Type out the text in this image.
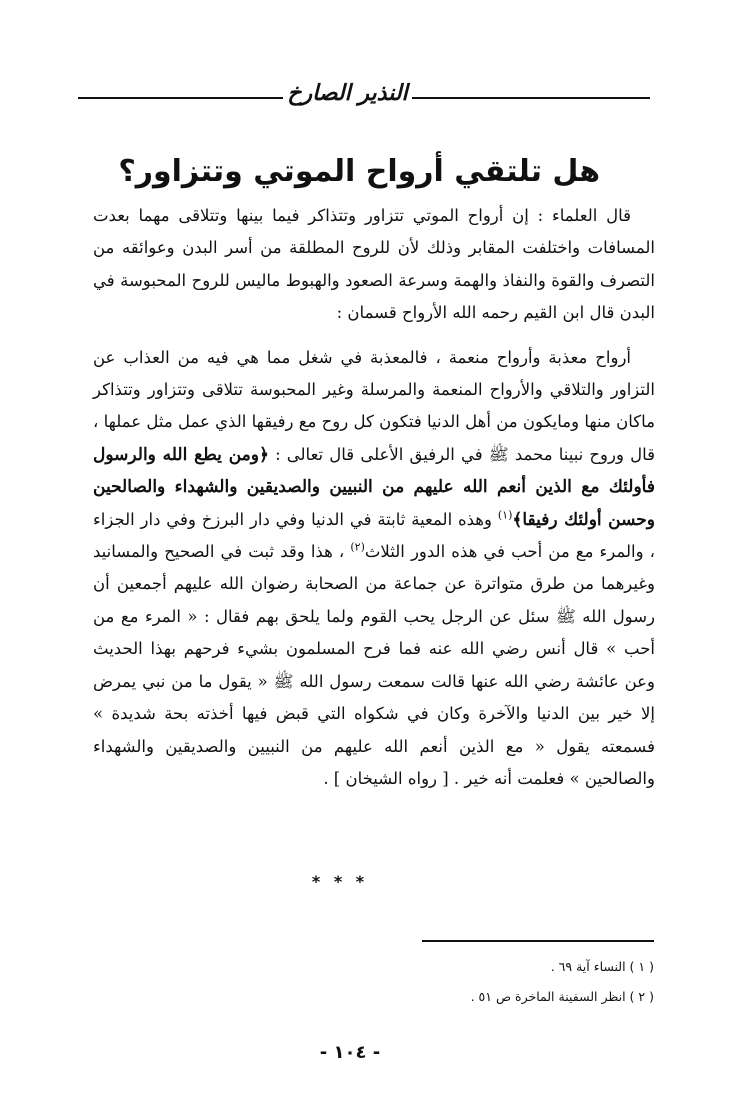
النذير الصارخ
هل تلتقي أرواح الموتي وتتزاور؟

قال العلماء : إن أرواح الموتي تتزاور وتتذاكر فيما بينها وتتلاقى مهما بعدت المسافات واختلفت المقابر وذلك لأن للروح المطلقة من أسر البدن وعوائقه من التصرف والقوة والنفاذ والهمة وسرعة الصعود والهبوط ماليس للروح المحبوسة في البدن قال ابن القيم رحمه الله الأرواح قسمان :

أرواح معذبة وأرواح منعمة ، فالمعذبة في شغل مما هي فيه من العذاب عن التزاور والتلاقي والأرواح المنعمة والمرسلة وغير المحبوسة تتلاقى وتتزاور وتتذاكر ماكان منها ومايكون من أهل الدنيا فتكون كل روح مع رفيقها الذي عمل مثل عملها ، قال وروح نبينا محمد ﷺ في الرفيق الأعلى قال تعالى : ﴿ومن يطع الله والرسول فأولئك مع الذين أنعم الله عليهم من النبيين والصديقين والشهداء والصالحين وحسن أولئك رفيقا﴾$^{(١)}$ وهذه المعية ثابتة في الدنيا وفي دار البرزخ وفي دار الجزاء ، والمرء مع من أحب في هذه الدور الثلاث$^{(٢)}$ ، هذا وقد ثبت في الصحيح والمسانيد وغيرهما من طرق متواترة عن جماعة من الصحابة رضوان الله عليهم أجمعين أن رسول الله ﷺ سئل عن الرجل يحب القوم ولما يلحق بهم فقال : « المرء مع من أحب » قال أنس رضي الله عنه فما فرح المسلمون بشيء فرحهم بهذا الحديث وعن عائشة رضي الله عنها قالت سمعت رسول الله ﷺ « يقول ما من نبي يمرض إلا خير بين الدنيا والآخرة وكان في شكواه التي قبض فيها أخذته بحة شديدة » فسمعته يقول « مع الذين أنعم الله عليهم من النبيين والصديقين والشهداء والصالحين » فعلمت أنه خير . [ رواه الشيخان ] .

* * *
( ١ ) النساء آية ٦٩ .
( ٢ ) انظر السفينة الماخرة ص ٥١ .
- ١٠٤ -
